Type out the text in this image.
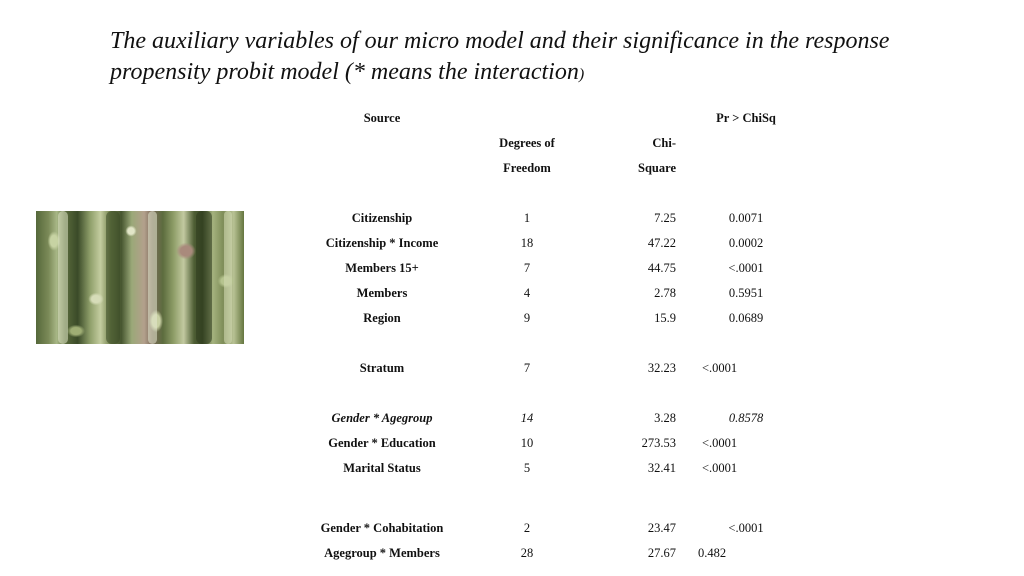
The auxiliary variables of our micro model and their significance in the response propensity probit model (* means the interaction)
Source			Pr > ChiSq
	Degrees of	Chi-	
	Freedom	Square	

Citizenship	1	7.25	0.0071
Citizenship * Income	18	47.22	0.0002
Members 15+	7	44.75	<.0001
Members	4	2.78	0.5951
Region	9	15.9	0.0689

Stratum	7	32.23	<.0001

Gender * Agegroup	14	3.28	0.8578
Gender * Education	10	273.53	<.0001
Marital Status	5	32.41	<.0001

Gender * Cohabitation	2	23.47	<.0001
Agegroup * Members	28	27.67	0.482
